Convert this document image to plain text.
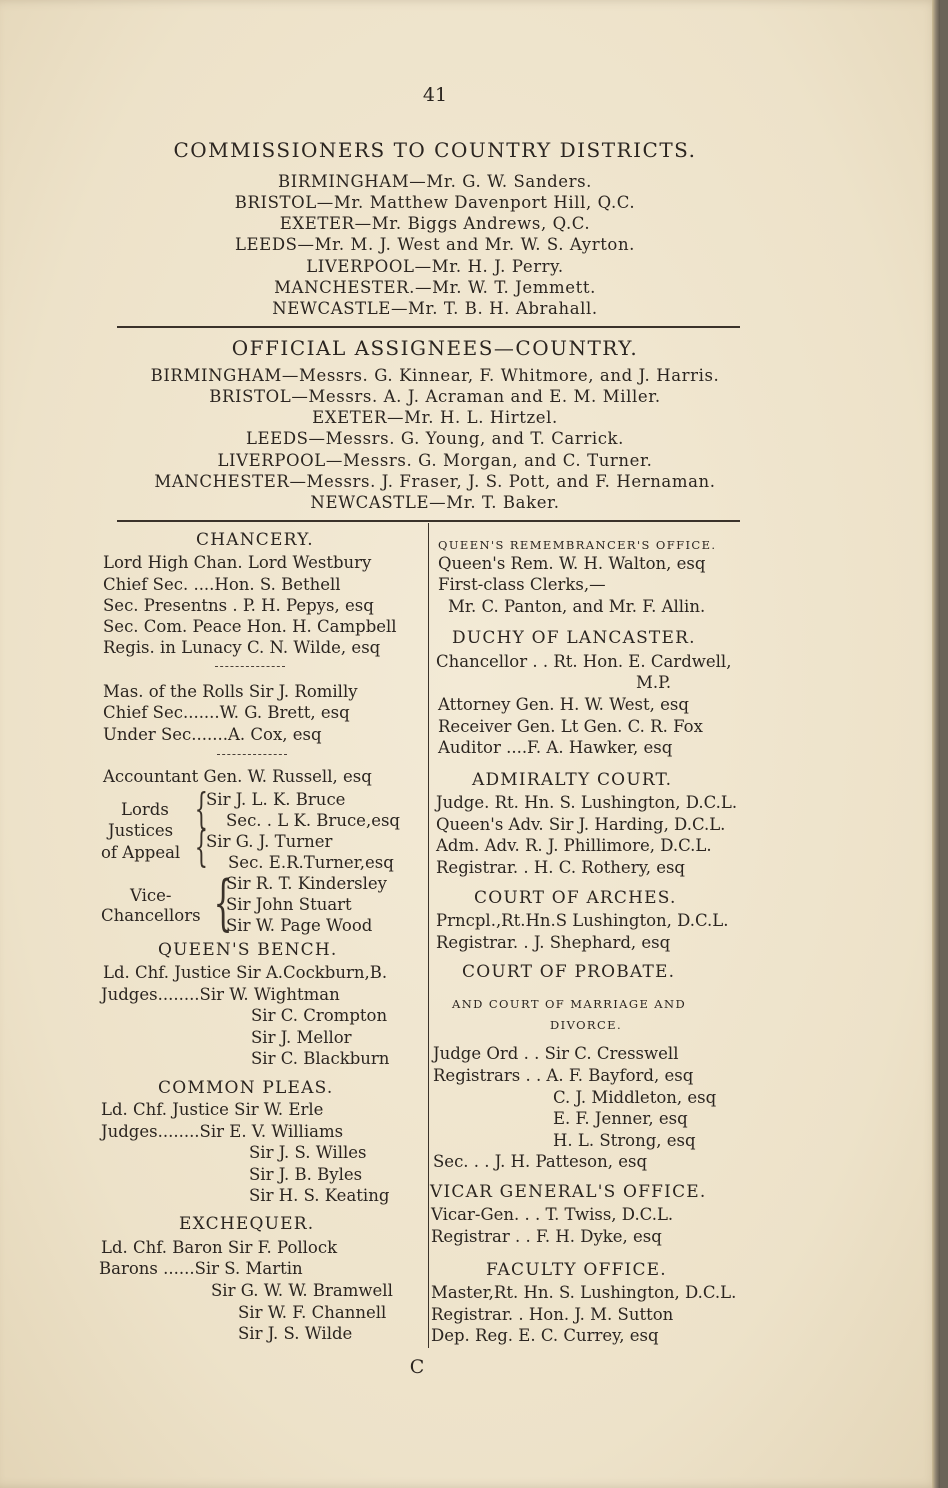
41
COMMISSIONERS TO COUNTRY DISTRICTS.
BIRMINGHAM—Mr. G. W. Sanders.
BRISTOL—Mr. Matthew Davenport Hill, Q.C.
EXETER—Mr. Biggs Andrews, Q.C.
LEEDS—Mr. M. J. West and Mr. W. S. Ayrton.
LIVERPOOL—Mr. H. J. Perry.
MANCHESTER.—Mr. W. T. Jemmett.
NEWCASTLE—Mr. T. B. H. Abrahall.
OFFICIAL ASSIGNEES—COUNTRY.
BIRMINGHAM—Messrs. G. Kinnear, F. Whitmore, and J. Harris.
BRISTOL—Messrs. A. J. Acraman and E. M. Miller.
EXETER—Mr. H. L. Hirtzel.
LEEDS—Messrs. G. Young, and T. Carrick.
LIVERPOOL—Messrs. G. Morgan, and C. Turner.
MANCHESTER—Messrs. J. Fraser, J. S. Pott, and F. Hernaman.
NEWCASTLE—Mr. T. Baker.
CHANCERY.
Lord High Chan. Lord Westbury
Chief Sec. ....Hon. S. Bethell
Sec. Presentns . P. H. Pepys, esq
Sec. Com. Peace Hon. H. Campbell
Regis. in Lunacy C. N. Wilde, esq
Mas. of the Rolls Sir J. Romilly
Chief Sec.......W. G. Brett, esq
Under Sec.......A. Cox, esq
Accountant Gen. W. Russell, esq
Lords
Justices
of Appeal
{
{
Sir J. L. K. Bruce
Sec. . L K. Bruce,esq
Sir G. J. Turner
Sec. E.R.Turner,esq
Vice-
Chancellors {
Sir R. T. Kindersley
Sir John Stuart
Sir W. Page Wood
QUEEN'S BENCH.
Ld. Chf. Justice Sir A.Cockburn,B.
Judges........Sir W. Wightman
Sir C. Crompton
Sir J. Mellor
Sir C. Blackburn
COMMON PLEAS.
Ld. Chf. Justice Sir W. Erle
Judges........Sir E. V. Williams
Sir J. S. Willes
Sir J. B. Byles
Sir H. S. Keating
EXCHEQUER.
Ld. Chf. Baron Sir F. Pollock
Barons ......Sir S. Martin
Sir G. W. W. Bramwell
Sir W. F. Channell
Sir J. S. Wilde
QUEEN'S REMEMBRANCER'S OFFICE.
Queen's Rem. W. H. Walton, esq
First-class Clerks,—
Mr. C. Panton, and Mr. F. Allin.
DUCHY OF LANCASTER.
Chancellor . . Rt. Hon. E. Cardwell,
M.P.
Attorney Gen. H. W. West, esq
Receiver Gen. Lt Gen. C. R. Fox
Auditor ....F. A. Hawker, esq
ADMIRALTY COURT.
Judge. Rt. Hn. S. Lushington, D.C.L.
Queen's Adv. Sir J. Harding, D.C.L.
Adm. Adv. R. J. Phillimore, D.C.L.
Registrar. . H. C. Rothery, esq
COURT OF ARCHES.
Prncpl.,Rt.Hn.S Lushington, D.C.L.
Registrar. . J. Shephard, esq
COURT OF PROBATE.
AND COURT OF MARRIAGE AND
DIVORCE.
Judge Ord . . Sir C. Cresswell
Registrars . . A. F. Bayford, esq
C. J. Middleton, esq
E. F. Jenner, esq
H. L. Strong, esq
Sec. . . J. H. Patteson, esq
VICAR GENERAL'S OFFICE.
Vicar-Gen. . . T. Twiss, D.C.L.
Registrar . . F. H. Dyke, esq
FACULTY OFFICE.
Master,Rt. Hn. S. Lushington, D.C.L.
Registrar. . Hon. J. M. Sutton
Dep. Reg. E. C. Currey, esq
C
